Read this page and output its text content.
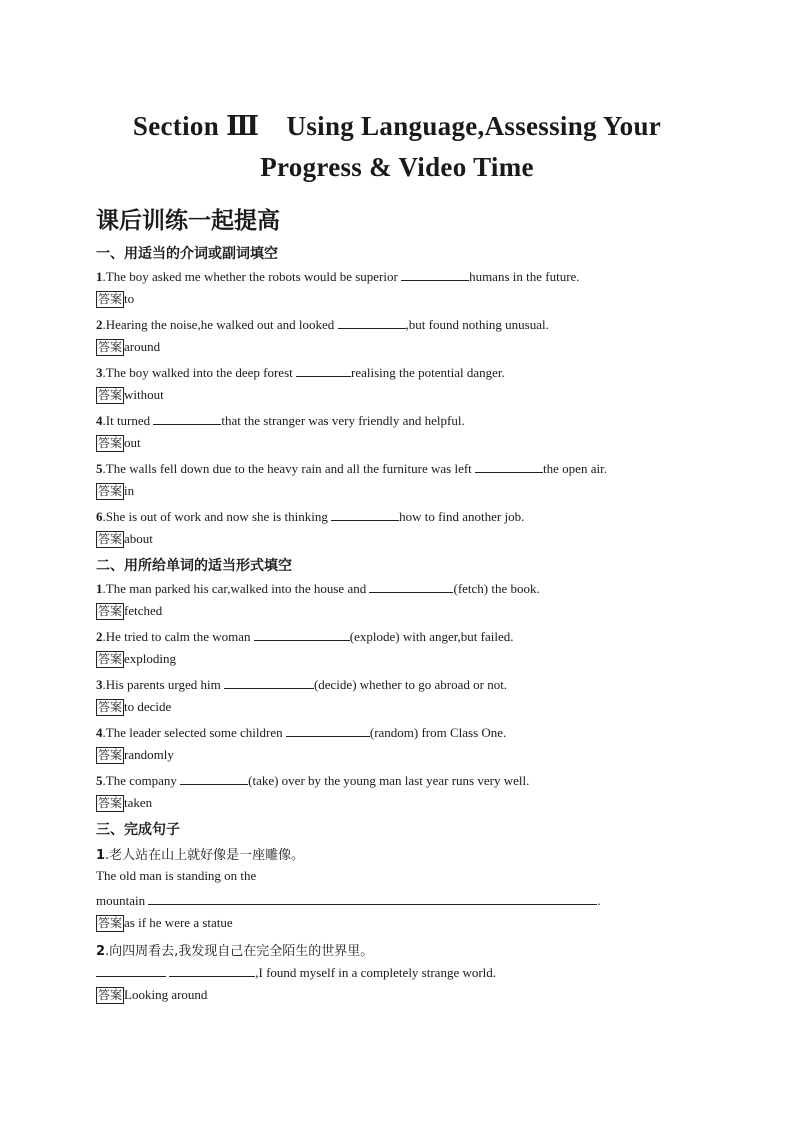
Section Ⅲ　Using Language,Assessing Your
Progress & Video Time
课后训练一起提高
一、用适当的介词或副词填空
1.The boy asked me whether the robots would be superior	humans in the future.
答案 to
2.Hearing the noise,he walked out and looked	,but found nothing unusual.
答案 around
3.The boy walked into the deep forest	realising the potential danger.
答案 without
4.It turned	that the stranger was very friendly and helpful.
答案 out
5.The walls fell down due to the heavy rain and all the furniture was left	the open air.
答案 in
6.She is out of work and now she is thinking	how to find another job.
答案 about
二、用所给单词的适当形式填空
1.The man parked his car,walked into the house and	(fetch) the book.
答案 fetched
2.He tried to calm the woman	(explode) with anger,but failed.
答案 exploding
3.His parents urged him	(decide) whether to go abroad or not.
答案 to decide
4.The leader selected some children	(random) from Class One.
答案 randomly
5.The company	(take) over by the young man last year runs very well.
答案 taken
三、完成句子
1.老人站在山上就好像是一座雕像。
The old man is standing on the
mountain	.
答案 as if he were a statue
2.向四周看去,我发现自己在完全陌生的世界里。
,I found myself in a completely strange world.
答案 Looking around
